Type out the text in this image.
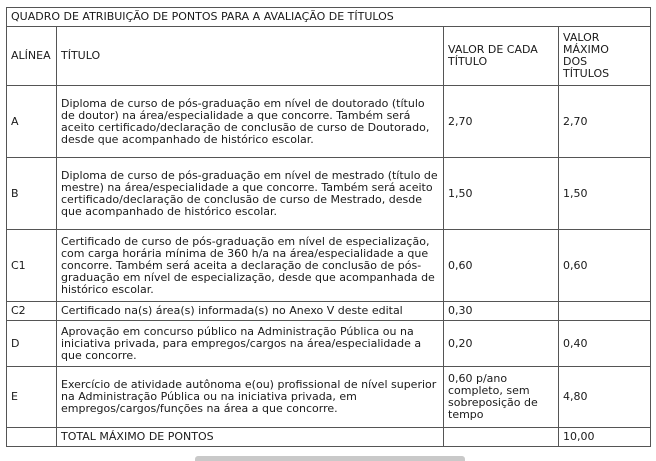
QUADRO DE ATRIBUIÇÃO DE PONTOS PARA A AVALIAÇÃO DE TÍTULOS			
ALÍNEA	TÍTULO	VALOR DE CADA TÍTULO	VALOR MÁXIMO DOS TÍTULOS

A	Diploma de curso de pós-graduação em nível de doutorado (título de doutor) na área/especialidade a que concorre. Também será aceito certificado/declaração de conclusão de curso de Doutorado, desde que acompanhado de histórico escolar.	2,70	2,70
B	Diploma de curso de pós-graduação em nível de mestrado (título de mestre) na área/especialidade a que concorre. Também será aceito certificado/declaração de conclusão de curso de Mestrado, desde que acompanhado de histórico escolar.	1,50	1,50
C1	Certificado de curso de pós-graduação em nível de especialização, com carga horária mínima de 360 h/a na área/especialidade a que concorre. Também será aceita a declaração de conclusão de pós-graduação em nível de especialização, desde que acompanhada de histórico escolar.	0,60	0,60
C2	Certificado na(s) área(s) informada(s) no Anexo V deste edital	0,30	
D	Aprovação em concurso público na Administração Pública ou na iniciativa privada, para empregos/cargos na área/especialidade a que concorre.	0,20	0,40
E	Exercício de atividade autônoma e(ou) profissional de nível superior na Administração Pública ou na iniciativa privada, em empregos/cargos/funções na área a que concorre.	0,60 p/ano completo, sem sobreposição de tempo	4,80
	TOTAL MÁXIMO DE PONTOS		10,00
